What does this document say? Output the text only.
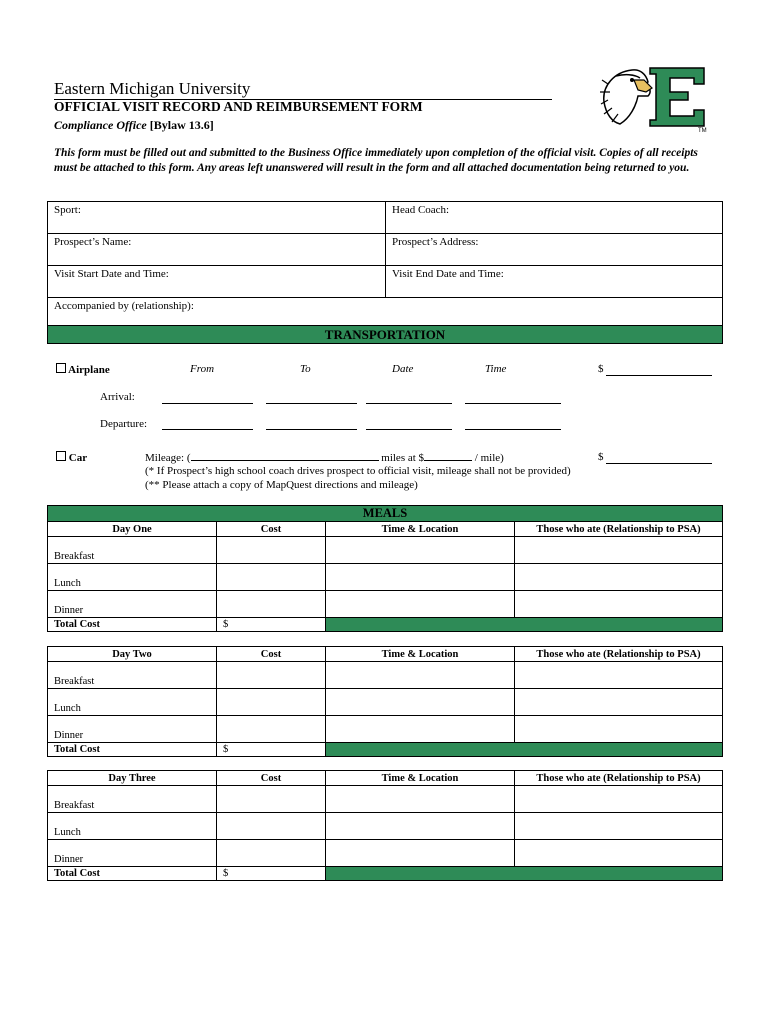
Eastern Michigan University
OFFICIAL VISIT RECORD AND REIMBURSEMENT FORM
Compliance Office [Bylaw 13.6]
This form must be filled out and submitted to the Business Office immediately upon completion of the official visit. Copies of all receipts must be attached to this form. Any areas left unanswered will result in the form and all attached documentation being returned to you.
TM
Sport:	Head Coach:
Prospect’s Name:	Prospect’s Address:
Visit Start Date and Time:	Visit End Date and Time:
Accompanied by (relationship):	
TRANSPORTATION
Airplane	From	To	Date	Time	$
Arrival:
Departure:
Car	Mileage: (	miles at $	/ mile)	$
(* If Prospect’s high school coach drives prospect to official visit, mileage shall not be provided)
(** Please attach a copy of MapQuest directions and mileage)
MEALS			
Day One	Cost	Time & Location	Those who ate (Relationship to PSA)
Breakfast			
Lunch			
Dinner			
Total Cost	$		
Day Two	Cost	Time & Location	Those who ate (Relationship to PSA)
Breakfast			
Lunch			
Dinner			
Total Cost	$		
Day Three	Cost	Time & Location	Those who ate (Relationship to PSA)
Breakfast			
Lunch			
Dinner			
Total Cost	$		
